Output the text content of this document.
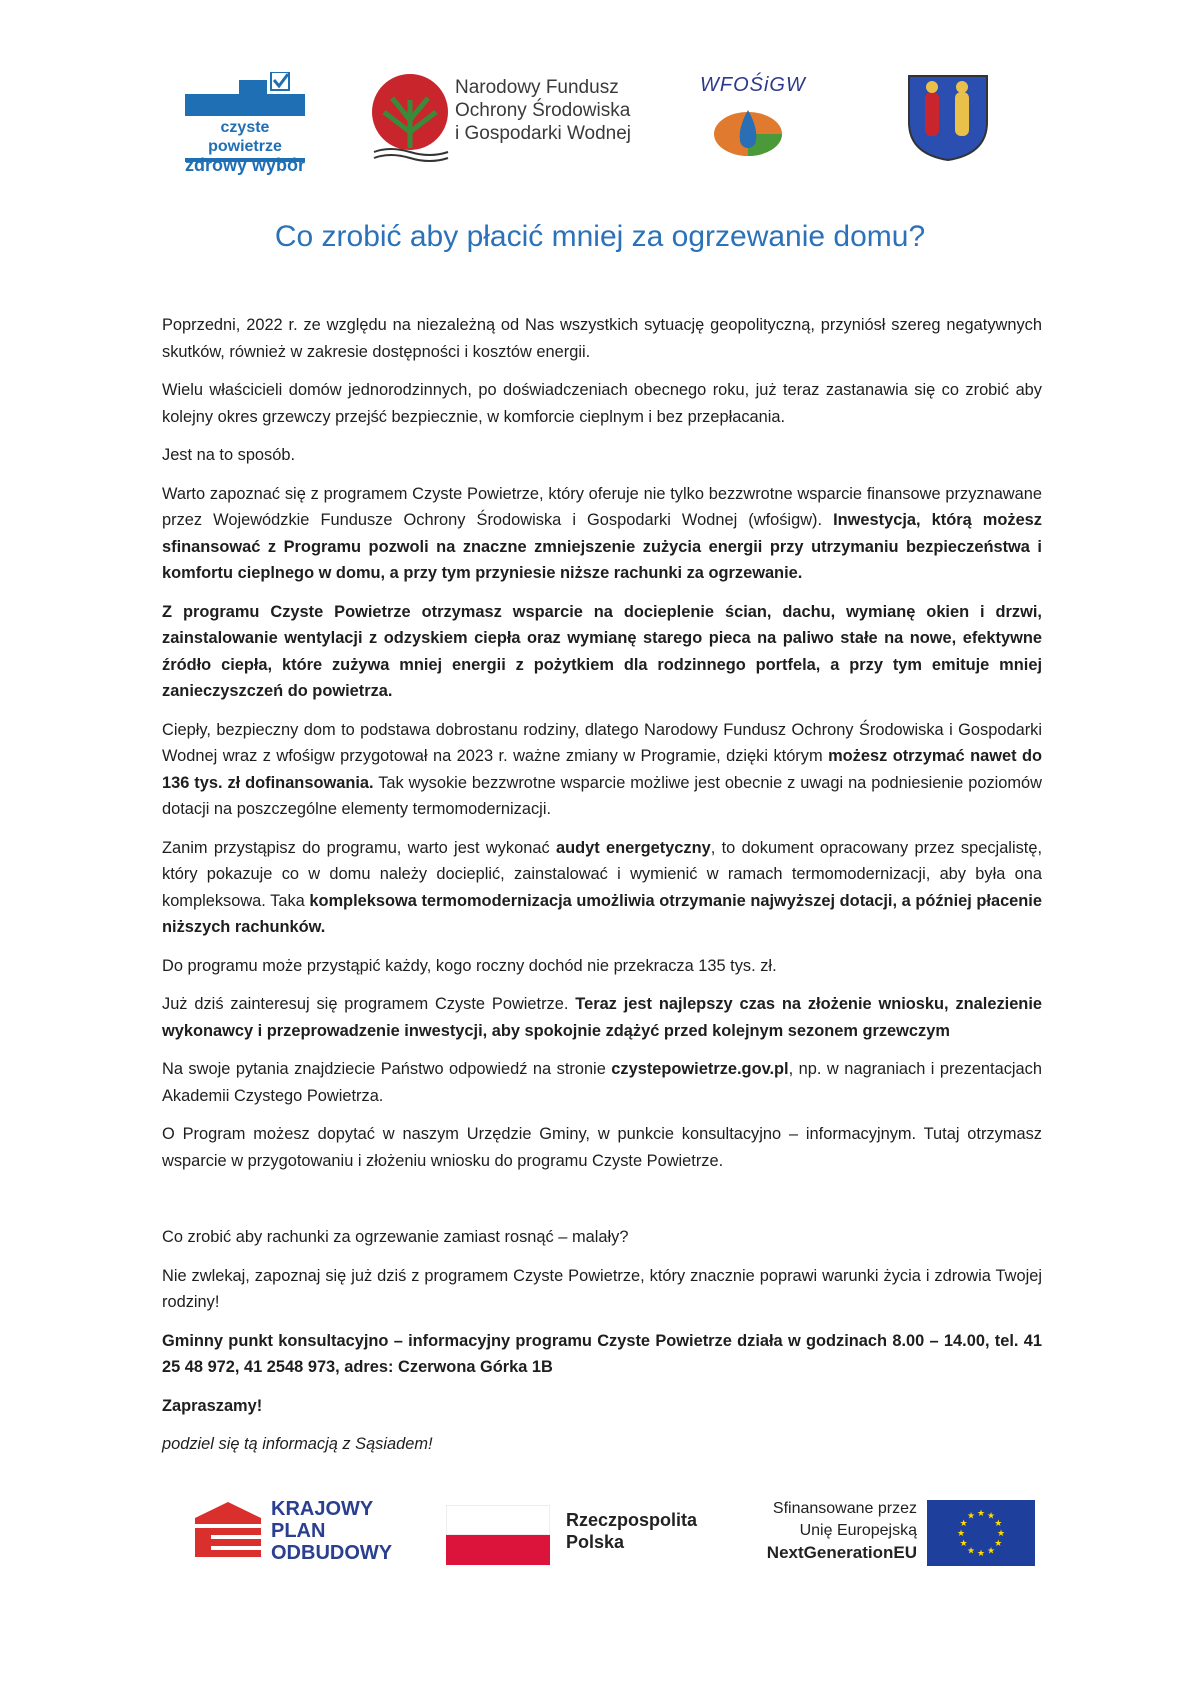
czyste powietrze
zdrowy wybór
Narodowy Fundusz
Ochrony Środowiska
i Gospodarki Wodnej
WFOŚiGW
Co zrobić aby płacić mniej za ogrzewanie domu?

Poprzedni, 2022 r. ze względu na niezależną od Nas wszystkich sytuację geopolityczną, przyniósł szereg negatywnych skutków, również w zakresie dostępności i kosztów energii.

Wielu właścicieli domów jednorodzinnych, po doświadczeniach obecnego roku, już teraz zastanawia się co zrobić aby kolejny okres grzewczy przejść bezpiecznie, w komforcie cieplnym i bez przepłacania.

Jest na to sposób.

Warto zapoznać się z programem Czyste Powietrze, który oferuje nie tylko bezzwrotne wsparcie finansowe przyznawane przez Wojewódzkie Fundusze Ochrony Środowiska i Gospodarki Wodnej (wfośigw). Inwestycja, którą możesz sfinansować z Programu pozwoli na znaczne zmniejszenie zużycia energii przy utrzymaniu bezpieczeństwa i komfortu cieplnego w domu, a przy tym przyniesie niższe rachunki za ogrzewanie.

Z programu Czyste Powietrze otrzymasz wsparcie na docieplenie ścian, dachu, wymianę okien i drzwi, zainstalowanie wentylacji z odzyskiem ciepła oraz wymianę starego pieca na paliwo stałe na nowe, efektywne źródło ciepła, które zużywa mniej energii z pożytkiem dla rodzinnego portfela, a przy tym emituje mniej zanieczyszczeń do powietrza.

Ciepły, bezpieczny dom to podstawa dobrostanu rodziny, dlatego Narodowy Fundusz Ochrony Środowiska i Gospodarki Wodnej wraz z wfośigw przygotował na 2023 r. ważne zmiany w Programie, dzięki którym możesz otrzymać nawet do 136 tys. zł dofinansowania. Tak wysokie bezzwrotne wsparcie możliwe jest obecnie z uwagi na podniesienie poziomów dotacji na poszczególne elementy termomodernizacji.

Zanim przystąpisz do programu, warto jest wykonać audyt energetyczny, to dokument opracowany przez specjalistę, który pokazuje co w domu należy docieplić, zainstalować i wymienić w ramach termomodernizacji, aby była ona kompleksowa. Taka kompleksowa termomodernizacja umożliwia otrzymanie najwyższej dotacji, a później płacenie niższych rachunków.

Do programu może przystąpić każdy, kogo roczny dochód nie przekracza 135 tys. zł.

Już dziś zainteresuj się programem Czyste Powietrze. Teraz jest najlepszy czas na złożenie wniosku, znalezienie wykonawcy i przeprowadzenie inwestycji, aby spokojnie zdążyć przed kolejnym sezonem grzewczym

Na swoje pytania znajdziecie Państwo odpowiedź na stronie czystepowietrze.gov.pl, np. w nagraniach i prezentacjach Akademii Czystego Powietrza.

O Program możesz dopytać w naszym Urzędzie Gminy, w punkcie konsultacyjno – informacyjnym. Tutaj otrzymasz wsparcie w przygotowaniu i złożeniu wniosku do programu Czyste Powietrze.

Co zrobić aby rachunki za ogrzewanie zamiast rosnąć – malały?

Nie zwlekaj, zapoznaj się już dziś z programem Czyste Powietrze, który znacznie poprawi warunki życia i zdrowia Twojej rodziny!

Gminny punkt konsultacyjno – informacyjny programu Czyste Powietrze działa w godzinach 8.00 – 14.00, tel. 41 25 48 972, 41 2548 973, adres: Czerwona Górka 1B

Zapraszamy!

podziel się tą informacją z Sąsiadem!

KRAJOWY
PLAN
ODBUDOWY
Rzeczpospolita
Polska
Sfinansowane przez
Unię Europejską
NextGenerationEU
★ ★
★
★
★
★
★
★
★
★
★
★
